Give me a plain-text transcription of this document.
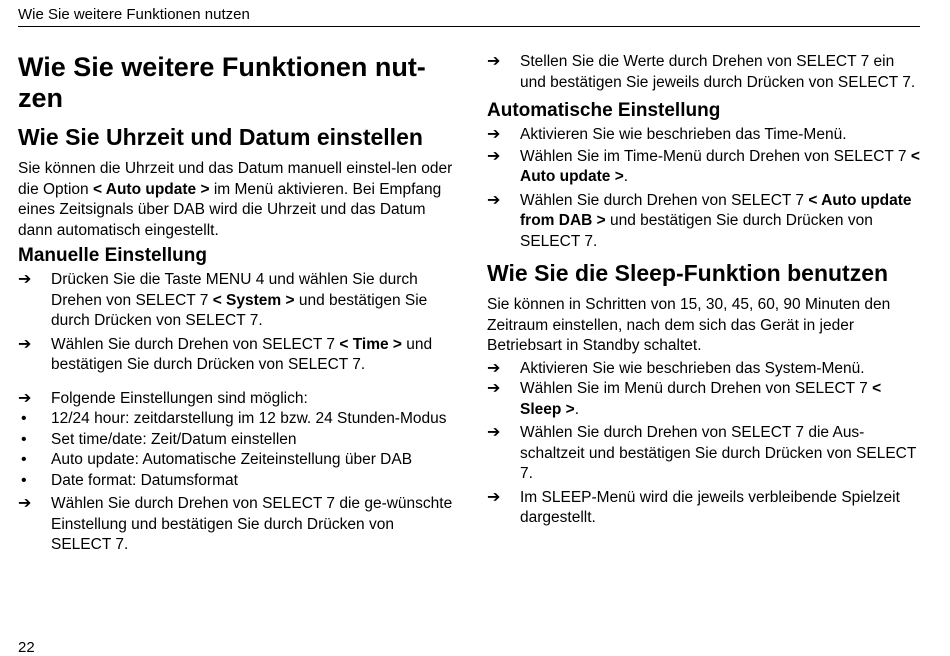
Wie Sie weitere Funktionen nutzen
Wie Sie weitere Funktionen nut-
zen
Wie Sie Uhrzeit und Datum einstellen

Sie können die Uhrzeit und das Datum manuell einstel-len oder die Option < Auto update > im Menü aktivieren. Bei Empfang eines Zeitsignals über DAB wird die Uhrzeit und das Datum dann automatisch eingestellt.

Manuelle Einstellung
➔	Drücken Sie die Taste MENU 4 und wählen Sie durch Drehen von SELECT 7 < System > und bestätigen Sie durch Drücken von SELECT 7.
➔	Wählen Sie durch Drehen von SELECT 7 < Time > und bestätigen Sie durch Drücken von SELECT 7.
➔	Folgende Einstellungen sind möglich:
•	12/24 hour: zeitdarstellung im 12 bzw. 24 Stunden-Modus
•	Set time/date: Zeit/Datum einstellen
•	Auto update: Automatische Zeiteinstellung über DAB
•	Date format: Datumsformat
➔	Wählen Sie durch Drehen von SELECT 7 die ge-wünschte Einstellung und bestätigen Sie durch Drücken von SELECT 7.
➔	Stellen Sie die Werte durch Drehen von SELECT 7 ein und bestätigen Sie jeweils durch Drücken von SELECT 7.
Automatische Einstellung
➔	Aktivieren Sie wie beschrieben das Time-Menü.
➔	Wählen Sie im Time-Menü durch Drehen von SELECT 7 < Auto update >.
➔	Wählen Sie durch Drehen von SELECT 7 < Auto update from DAB > und bestätigen Sie durch Drücken von SELECT 7.
Wie Sie die Sleep-Funktion benutzen

Sie können in Schritten von 15, 30, 45, 60, 90 Minuten den Zeitraum einstellen, nach dem sich das Gerät in jeder Betriebsart in Standby schaltet.

➔	Aktivieren Sie wie beschrieben das System-Menü.
➔	Wählen Sie im Menü durch Drehen von SELECT 7 < Sleep >.
➔	Wählen Sie durch Drehen von SELECT 7 die Aus-schaltzeit und bestätigen Sie durch Drücken von SELECT 7.
➔	Im SLEEP-Menü wird die jeweils verbleibende Spielzeit dargestellt.
22
